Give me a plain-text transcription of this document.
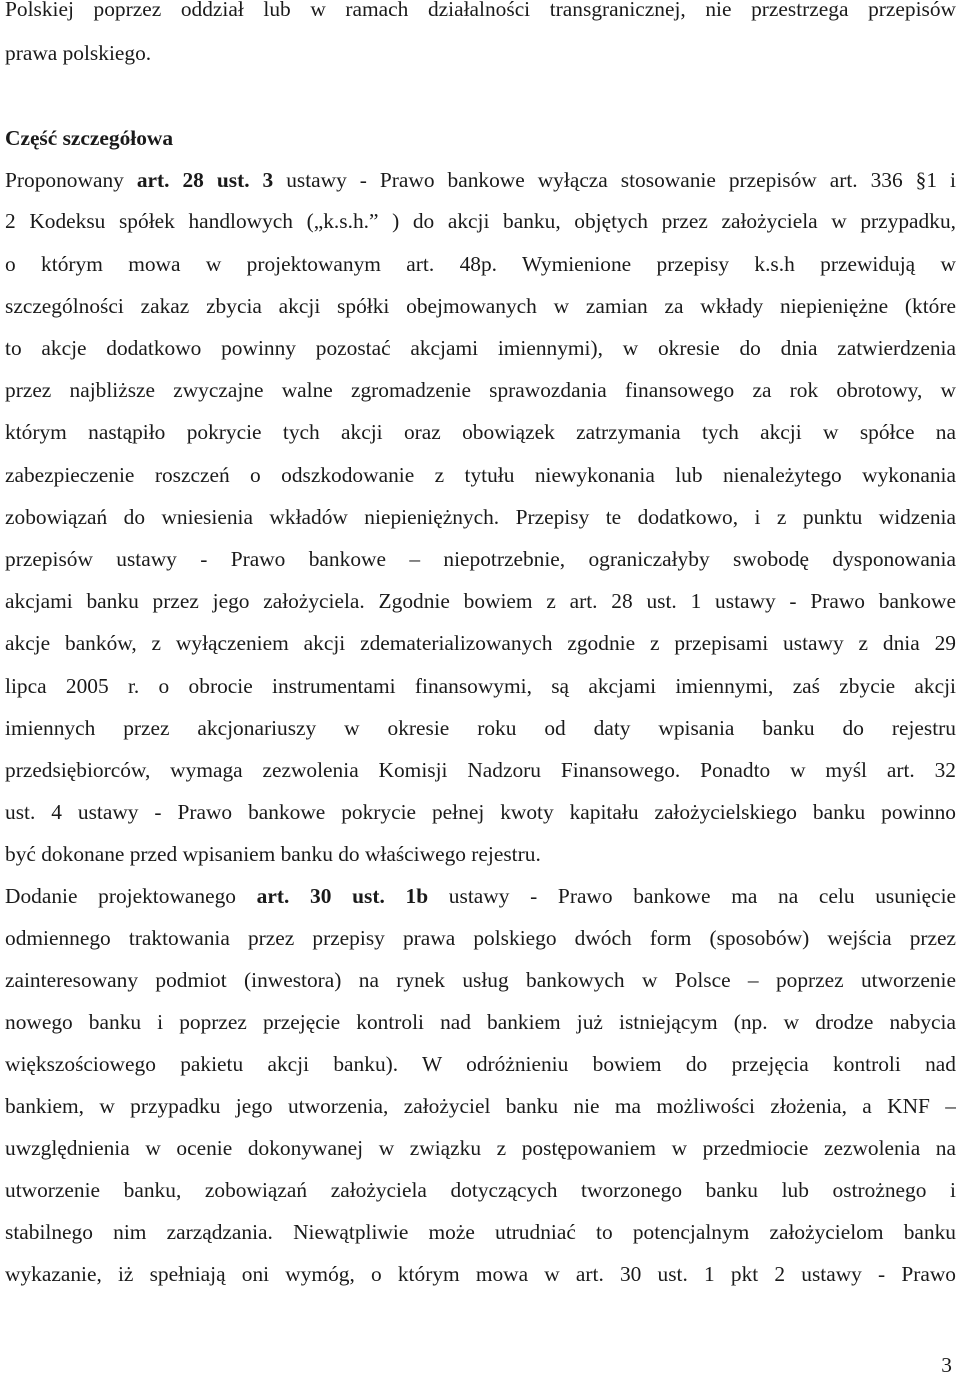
Polskiej poprzez oddział lub w ramach działalności transgranicznej, nie przestrzega przepisów
prawa polskiego.
Część szczegółowa
Proponowany art. 28 ust. 3 ustawy - Prawo bankowe wyłącza stosowanie przepisów art. 336 §1 i
2 Kodeksu spółek handlowych („k.s.h.” ) do akcji banku, objętych przez założyciela w przypadku,
o którym mowa w projektowanym art. 48p. Wymienione przepisy k.s.h przewidują w
szczególności zakaz zbycia akcji spółki obejmowanych w zamian za wkłady niepieniężne (które
to akcje dodatkowo powinny pozostać akcjami imiennymi), w okresie do dnia zatwierdzenia
przez najbliższe zwyczajne walne zgromadzenie sprawozdania finansowego za rok obrotowy, w
którym nastąpiło pokrycie tych akcji oraz obowiązek zatrzymania tych akcji w spółce na
zabezpieczenie roszczeń o odszkodowanie z tytułu niewykonania lub nienależytego wykonania
zobowiązań do wniesienia wkładów niepieniężnych. Przepisy te dodatkowo, i z punktu widzenia
przepisów ustawy - Prawo bankowe – niepotrzebnie, ograniczałyby swobodę dysponowania
akcjami banku przez jego założyciela. Zgodnie bowiem z art. 28 ust. 1 ustawy - Prawo bankowe
akcje banków, z wyłączeniem akcji zdematerializowanych zgodnie z przepisami ustawy z dnia 29
lipca 2005 r. o obrocie instrumentami finansowymi, są akcjami imiennymi, zaś zbycie akcji
imiennych przez akcjonariuszy w okresie roku od daty wpisania banku do rejestru
przedsiębiorców, wymaga zezwolenia Komisji Nadzoru Finansowego. Ponadto w myśl art. 32
ust. 4 ustawy - Prawo bankowe pokrycie pełnej kwoty kapitału założycielskiego banku powinno
być dokonane przed wpisaniem banku do właściwego rejestru.
Dodanie projektowanego art. 30 ust. 1b ustawy - Prawo bankowe ma na celu usunięcie
odmiennego traktowania przez przepisy prawa polskiego dwóch form (sposobów) wejścia przez
zainteresowany podmiot (inwestora) na rynek usług bankowych w Polsce – poprzez utworzenie
nowego banku i poprzez przejęcie kontroli nad bankiem już istniejącym (np. w drodze nabycia
większościowego pakietu akcji banku). W odróżnieniu bowiem do przejęcia kontroli nad
bankiem, w przypadku jego utworzenia, założyciel banku nie ma możliwości złożenia, a KNF –
uwzględnienia w ocenie dokonywanej w związku z postępowaniem w przedmiocie zezwolenia na
utworzenie banku, zobowiązań założyciela dotyczących tworzonego banku lub ostrożnego i
stabilnego nim zarządzania. Niewątpliwie może utrudniać to potencjalnym założycielom banku
wykazanie, iż spełniają oni wymóg, o którym mowa w art. 30 ust. 1 pkt 2 ustawy - Prawo
3
